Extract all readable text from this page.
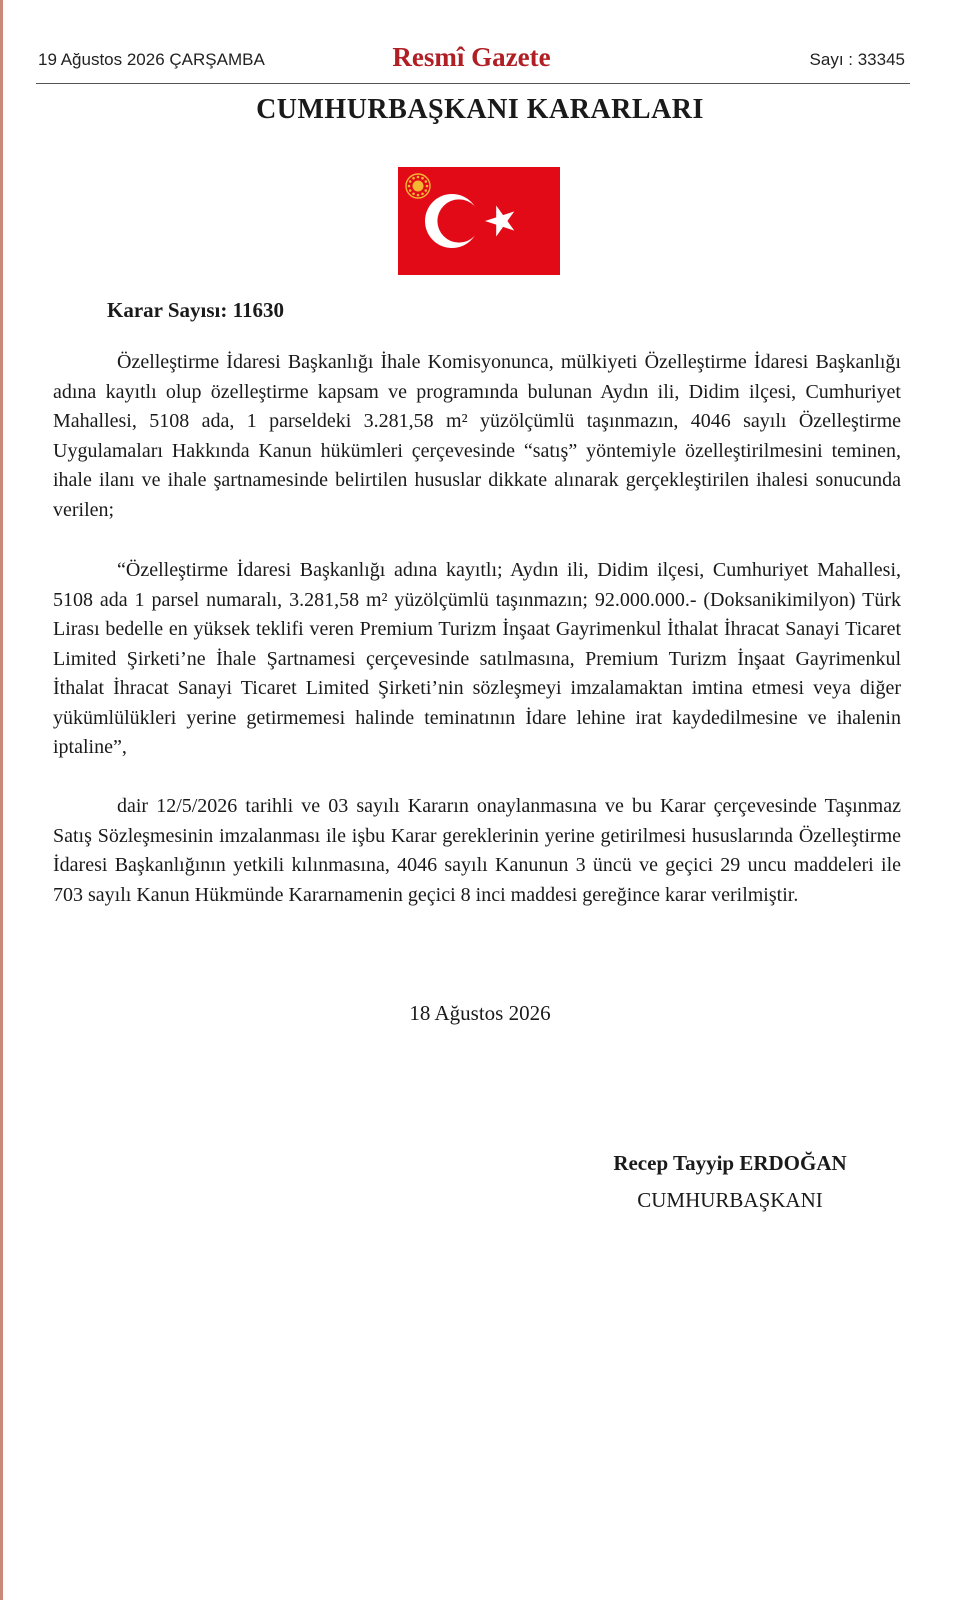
19 Ağustos 2026 ÇARŞAMBA	Resmî Gazete	Sayı : 33345
CUMHURBAŞKANI KARARLARI
Karar Sayısı: 11630

Özelleştirme İdaresi Başkanlığı İhale Komisyonunca, mülkiyeti Özelleştirme İdaresi Başkanlığı adına kayıtlı olup özelleştirme kapsam ve programında bulunan Aydın ili, Didim ilçesi, Cumhuriyet Mahallesi, 5108 ada, 1 parseldeki 3.281,58 m² yüzölçümlü taşınmazın, 4046 sayılı Özelleştirme Uygulamaları Hakkında Kanun hükümleri çerçevesinde “satış” yöntemiyle özelleştirilmesini teminen, ihale ilanı ve ihale şartnamesinde belirtilen hususlar dikkate alınarak gerçekleştirilen ihalesi sonucunda verilen;

“Özelleştirme İdaresi Başkanlığı adına kayıtlı; Aydın ili, Didim ilçesi, Cumhuriyet Mahallesi, 5108 ada 1 parsel numaralı, 3.281,58 m² yüzölçümlü taşınmazın; 92.000.000.- (Doksanikimilyon) Türk Lirası bedelle en yüksek teklifi veren Premium Turizm İnşaat Gayrimenkul İthalat İhracat Sanayi Ticaret Limited Şirketi’ne İhale Şartnamesi çerçevesinde satılmasına, Premium Turizm İnşaat Gayrimenkul İthalat İhracat Sanayi Ticaret Limited Şirketi’nin sözleşmeyi imzalamaktan imtina etmesi veya diğer yükümlülükleri yerine getirmemesi halinde teminatının İdare lehine irat kaydedilmesine ve ihalenin iptaline”,

dair 12/5/2026 tarihli ve 03 sayılı Kararın onaylanmasına ve bu Karar çerçevesinde Taşınmaz Satış Sözleşmesinin imzalanması ile işbu Karar gereklerinin yerine getirilmesi hususlarında Özelleştirme İdaresi Başkanlığının yetkili kılınmasına, 4046 sayılı Kanunun 3 üncü ve geçici 29 uncu maddeleri ile 703 sayılı Kanun Hükmünde Kararnamenin geçici 8 inci maddesi gereğince karar verilmiştir.

18 Ağustos 2026
Recep Tayyip ERDOĞAN
CUMHURBAŞKANI
